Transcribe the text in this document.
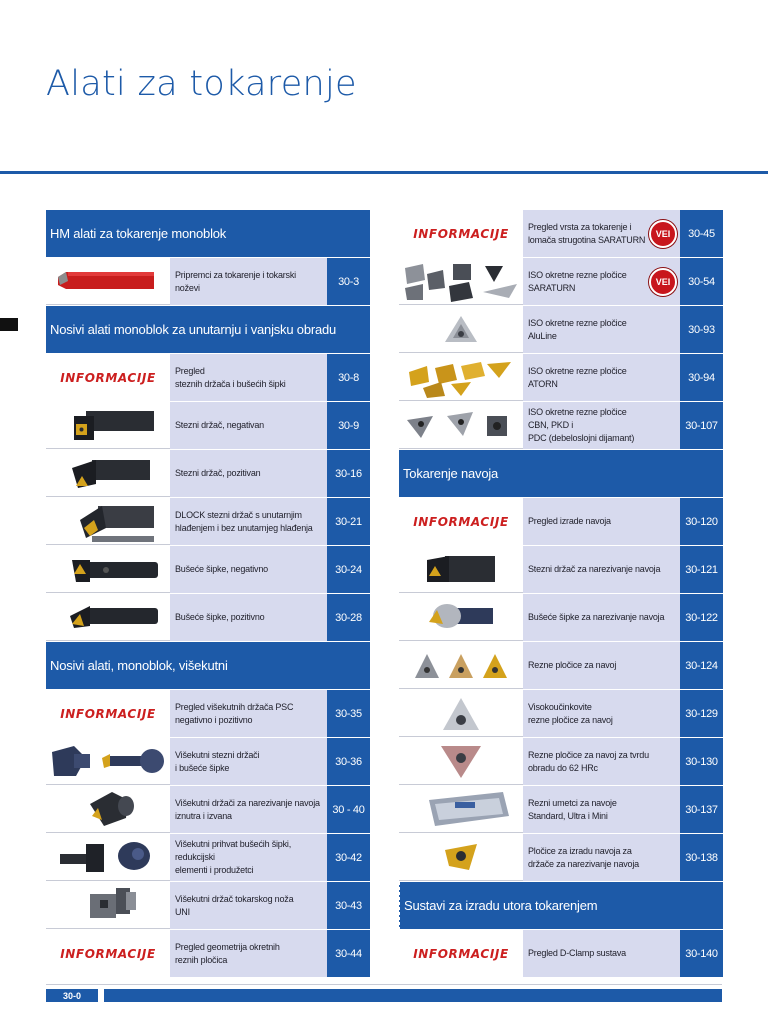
Alati za tokarenje
HM alati za tokarenje monoblok
Pripremci za tokarenje i tokarski noževi	30-3
Nosivi alati monoblok za unutarnju i vanjsku obradu
INFORMACIJE	Pregled
steznih držača i bušećih šipki	30-8
Stezni držač, negativan	30-9
Stezni držač, pozitivan	30-16
DLOCK stezni držač s unutarnjim
hlađenjem i bez unutarnjeg hlađenja	30-21
Bušeće šipke, negativno	30-24
Bušeće šipke, pozitivno	30-28
Nosivi alati, monoblok, višekutni
INFORMACIJE	Pregled višekutnih držača PSC
negativno i pozitivno	30-35
Višekutni stezni držači
i bušeće šipke	30-36
Višekutni držači za narezivanje navoja
iznutra i izvana	30 - 40
Višekutni prihvat bušećih šipki, redukcijski
elementi i produžetci
30-42
Višekutni držač tokarskog noža
UNI	30-43
INFORMACIJE	Pregled geometrija okretnih
reznih pločica	30-44
INFORMACIJE	Pregled vrsta za tokarenje i
lomača strugotina SARATURN
VEI	30-45
ISO okretne rezne pločice
SARATURN
VEI	30-54
ISO okretne rezne pločice
AluLine	30-93
ISO okretne rezne pločice
ATORN	30-94
ISO okretne rezne pločice
CBN, PKD i
PDC (debeloslojni dijamant)
30-107
Tokarenje navoja
INFORMACIJE	Pregled izrade navoja	30-120
Stezni držač za narezivanje navoja	30-121
Bušeće šipke za narezivanje navoja	30-122
Rezne pločice za navoj	30-124
Visokoučinkovite
rezne pločice za navoj	30-129
Rezne pločice za navoj za tvrdu
obradu do 62 HRc	30-130
Rezni umetci za navoje
Standard, Ultra i Mini	30-137
Pločice za izradu navoja za
držače za narezivanje navoja	30-138
Sustavi za izradu utora tokarenjem
INFORMACIJE	Pregled D-Clamp sustava	30-140
30-0
